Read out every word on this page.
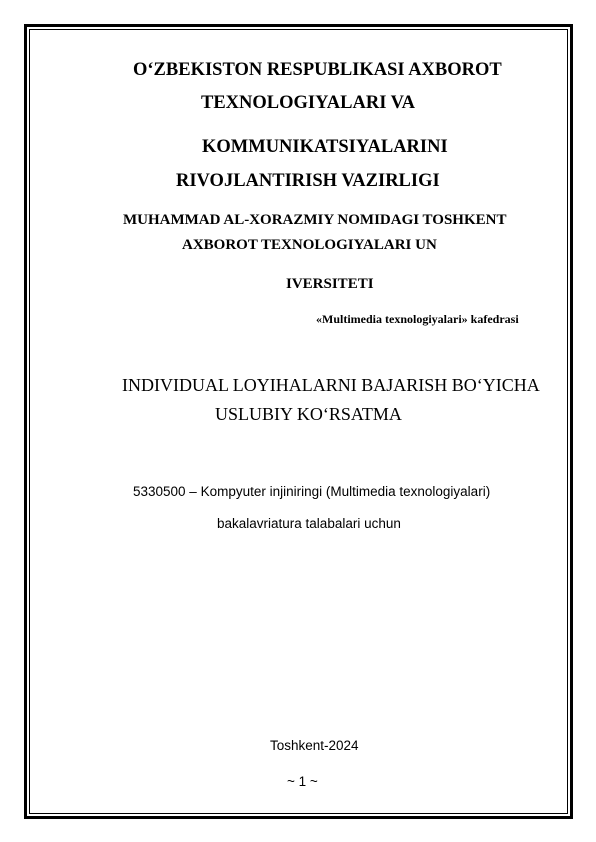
O‘ZBEKISTON RESPUBLIKASI AXBOROT
TEXNOLOGIYALARI VA
KOMMUNIKATSIYALARINI
RIVOJLANTIRISH VAZIRLIGI
MUHAMMAD AL-XORAZMIY NOMIDAGI TOSHKENT
AXBOROT TEXNOLOGIYALARI UN
IVERSITETI
«Multimedia texnologiyalari» kafedrasi
INDIVIDUAL LOYIHALARNI BAJARISH BO‘YICHA
USLUBIY KO‘RSATMA
5330500 – Kompyuter injiniringi (Multimedia texnologiyalari)
bakalavriatura talabalari uchun
Toshkent-2024
~ 1 ~
